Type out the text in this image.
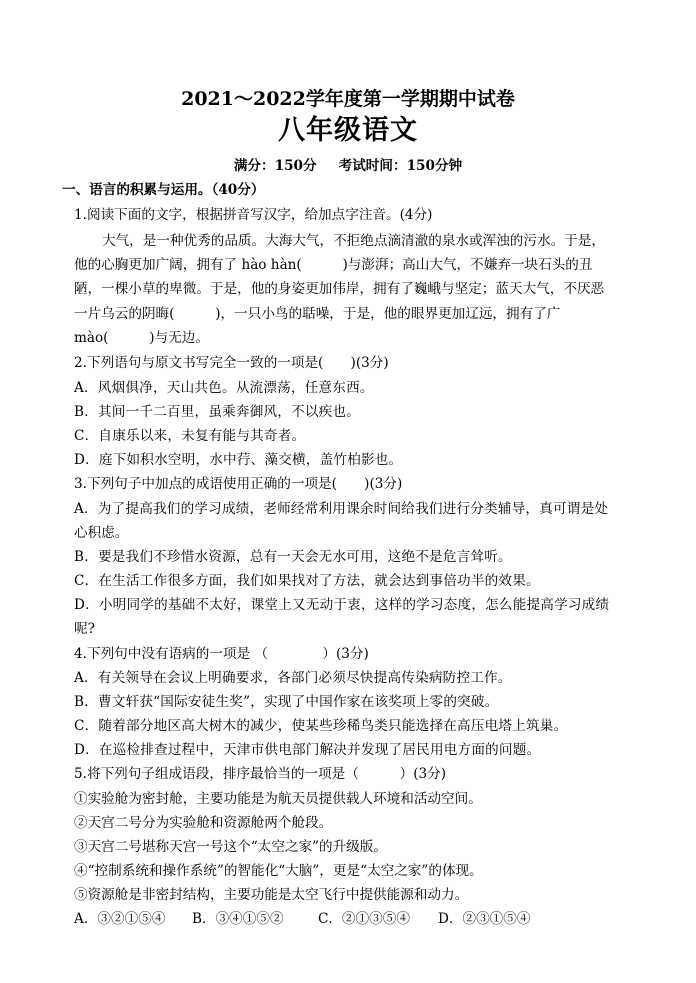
2021～2022学年度第一学期期中试卷
八年级语文
满分：150分 考试时间：150分钟
一、语言的积累与运用。（40分）
1.阅读下面的文字，根据拼音写汉字，给加点字注音。(4分)
大气，是一种优秀的品质。大海大气，不拒绝点滴清澈的泉水或浑浊的污水。于是，
他的心胸更加广阔，拥有了 hào hàn(　　　)与澎湃；高山大气，不嫌弃一块石头的丑
陋，一棵小草的卑微。于是，他的身姿更加伟岸，拥有了巍峨与坚定；蓝天大气，不厌恶
一片乌云的阴晦(　　　)，一只小鸟的聒噪，于是，他的眼界更加辽远，拥有了广
mào(　　　)与无边。
2.下列语句与原文书写完全一致的一项是(　　)(3分)
A．风烟俱净，天山共色。从流漂荡，任意东西。
B．其间一千二百里，虽乘奔御风，不以疾也。
C．自康乐以来，未复有能与其奇者。
D．庭下如积水空明，水中荇、藻交横，盖竹柏影也。
3.下列句子中加点的成语使用正确的一项是(　　)(3分)
A．为了提高我们的学习成绩，老师经常利用课余时间给我们进行分类辅导，真可谓是处
心积虑。
B．要是我们不珍惜水资源，总有一天会无水可用，这绝不是危言耸听。
C．在生活工作很多方面，我们如果找对了方法，就会达到事倍功半的效果。
D．小明同学的基础不太好，课堂上又无动于衷，这样的学习态度，怎么能提高学习成绩
呢?
4.下列句中没有语病的一项是 （　　　　）(3分)
A．有关领导在会议上明确要求，各部门必须尽快提高传染病防控工作。
B．曹文轩获“国际安徒生奖”，实现了中国作家在该奖项上零的突破。
C．随着部分地区高大树木的减少，使某些珍稀鸟类只能选择在高压电塔上筑巢。
D．在巡检排查过程中，天津市供电部门解决并发现了居民用电方面的问题。
5.将下列句子组成语段，排序最恰当的一项是（　　　）(3分)
①实验舱为密封舱，主要功能是为航天员提供载人环境和活动空间。
②天宫二号分为实验舱和资源舱两个舱段。
③天宫二号堪称天宫一号这个“太空之家”的升级版。
④“控制系统和操作系统”的智能化“大脑”，更是“太空之家”的体现。
⑤资源舱是非密封结构，主要功能是太空飞行中提供能源和动力。
A．③②①⑤④ B．③④①⑤②	C．②①③⑤④ D．②③①⑤④
